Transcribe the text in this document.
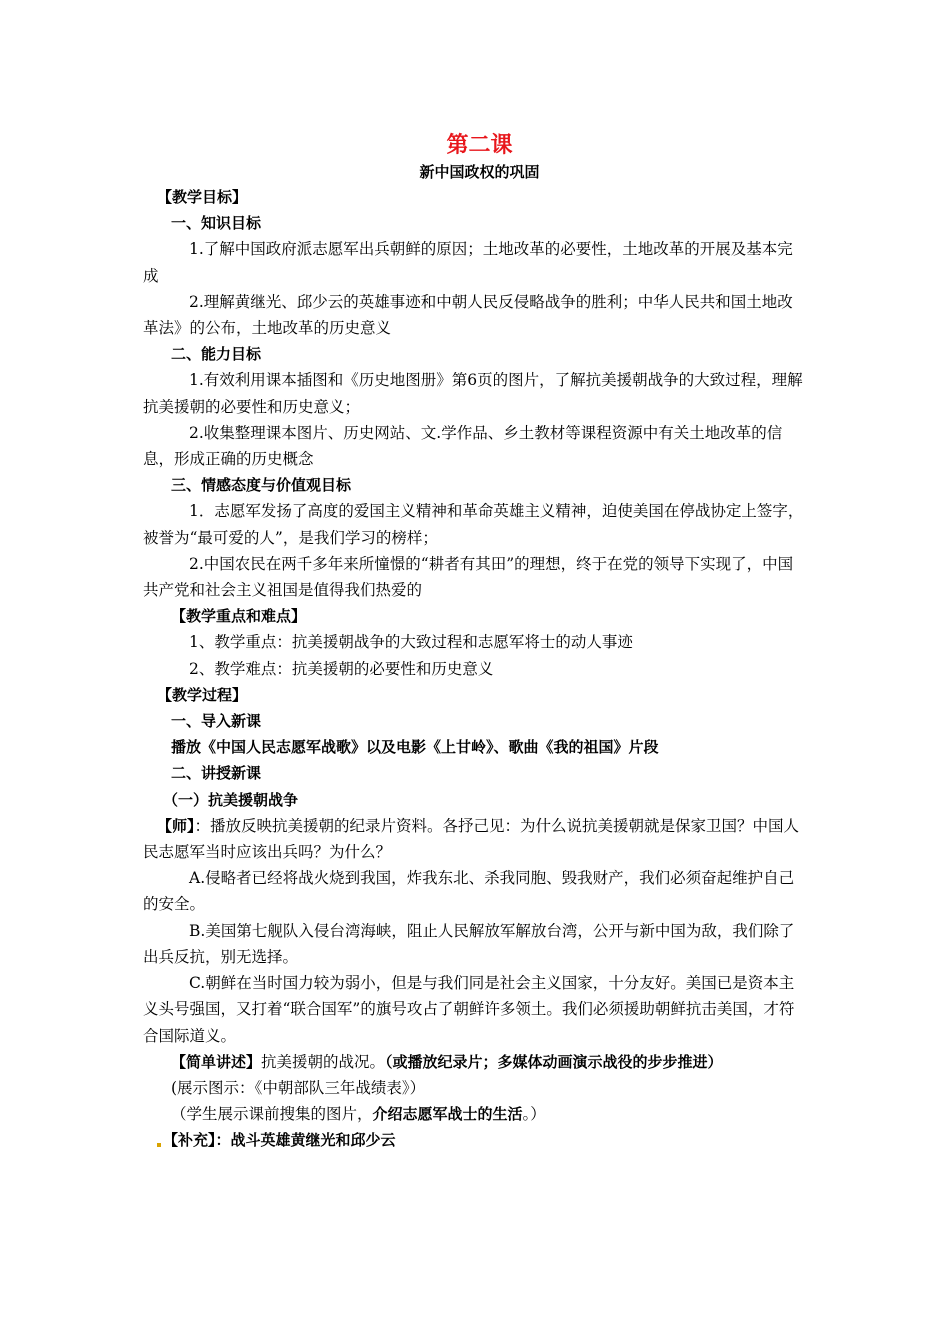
第二课
新中国政权的巩固
【教学目标】
一、知识目标
1.了解中国政府派志愿军出兵朝鲜的原因；土地改革的必要性，土地改革的开展及基本完成
2.理解黄继光、邱少云的英雄事迹和中朝人民反侵略战争的胜利；中华人民共和国土地改革法》的公布，土地改革的历史意义
二、能力目标
1.有效利用课本插图和《历史地图册》第6页的图片，了解抗美援朝战争的大致过程，理解抗美援朝的必要性和历史意义；
2.收集整理课本图片、历史网站、文.学作品、乡土教材等课程资源中有关土地改革的信息，形成正确的历史概念
三、情感态度与价值观目标
1．志愿军发扬了高度的爱国主义精神和革命英雄主义精神，迫使美国在停战协定上签字，被誉为“最可爱的人”，是我们学习的榜样；
2.中国农民在两千多年来所憧憬的“耕者有其田”的理想，终于在党的领导下实现了，中国共产党和社会主义祖国是值得我们热爱的
【教学重点和难点】
1、教学重点：抗美援朝战争的大致过程和志愿军将士的动人事迹
2、教学难点：抗美援朝的必要性和历史意义
【教学过程】
一、导入新课
播放《中国人民志愿军战歌》以及电影《上甘岭》、歌曲《我的祖国》片段
二、讲授新课
（一）抗美援朝战争
【师】：播放反映抗美援朝的纪录片资料。各抒己见：为什么说抗美援朝就是保家卫国？中国人民志愿军当时应该出兵吗？为什么？
A.侵略者已经将战火烧到我国，炸我东北、杀我同胞、毁我财产，我们必须奋起维护自己的安全。
B.美国第七舰队入侵台湾海峡，阻止人民解放军解放台湾，公开与新中国为敌，我们除了出兵反抗，别无选择。
C.朝鲜在当时国力较为弱小，但是与我们同是社会主义国家，十分友好。美国已是资本主义头号强国，又打着“联合国军”的旗号攻占了朝鲜许多领土。我们必须援助朝鲜抗击美国，才符合国际道义。
【简单讲述】抗美援朝的战况。（或播放纪录片；多媒体动画演示战役的步步推进）
(展示图示：《中朝部队三年战绩表》）
（学生展示课前搜集的图片，介绍志愿军战士的生活。）
【补充】：战斗英雄黄继光和邱少云
